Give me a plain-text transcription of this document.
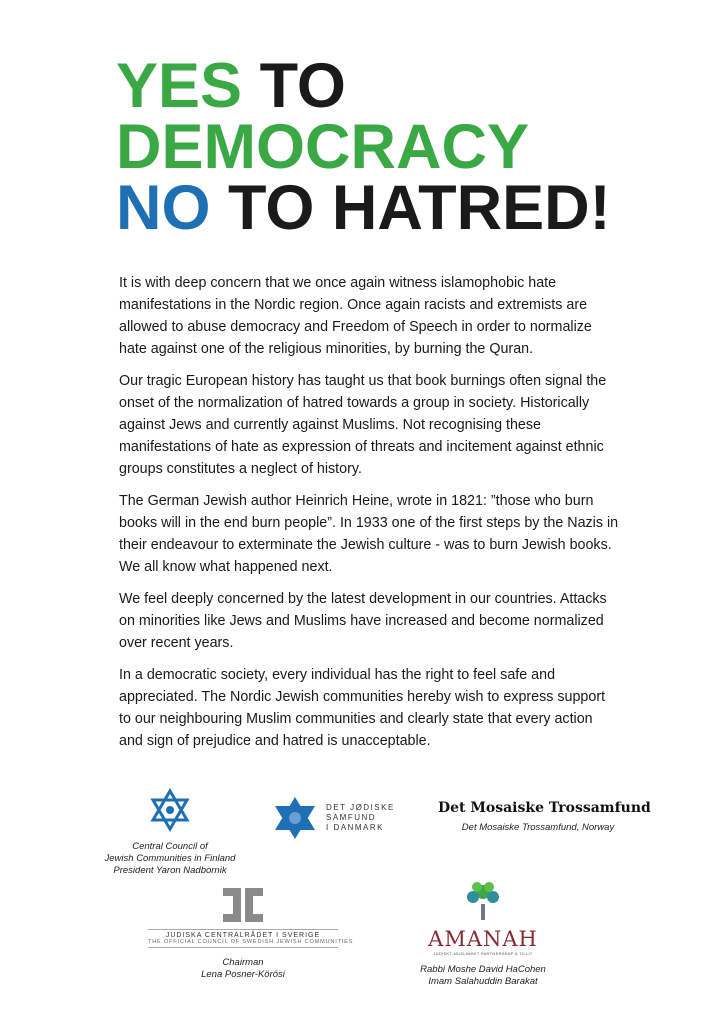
YES TO
DEMOCRACY
NO TO HATRED!

It is with deep concern that we once again witness islamophobic hate manifestations in the Nordic region. Once again racists and extremists are allowed to abuse democracy and Freedom of Speech in order to normalize hate against one of the religious minorities, by burning the Quran.

Our tragic European history has taught us that book burnings often signal the onset of the normalization of hatred towards a group in society. Historically against Jews and currently against Muslims. Not recognising these manifestations of hate as expression of threats and incitement against ethnic groups constitutes a neglect of history.

The German Jewish author Heinrich Heine, wrote in 1821: ”those who burn books will in the end burn people”. In 1933 one of the first steps by the Nazis in their endeavour to exterminate the Jewish culture - was to burn Jewish books. We all know what happened next.

We feel deeply concerned by the latest development in our countries. Attacks on minorities like Jews and Muslims have increased and become normalized over recent years.

In a democratic society, every individual has the right to feel safe and appreciated. The Nordic Jewish communities hereby wish to express support to our neighbouring Muslim communities and clearly state that every action and sign of prejudice and hatred is unacceptable.

Central Council of
Jewish Communities in Finland
President Yaron Nadbornik
DET JØDISKE
SAMFUND
I DANMARK
Det Mosaiske Trossamfund
Det Mosaiske Trossamfund, Norway
JUDISKA CENTRALRÅDET I SVERIGE
THE OFFICIAL COUNCIL OF SWEDISH JEWISH COMMUNITIES
Chairman
Lena Posner-Körösi
AMANAH
JUDISKT-MUSLIMSKT PARTNERSKAP & TILLIT
Rabbi Moshe David HaCohen
Imam Salahuddin Barakat
